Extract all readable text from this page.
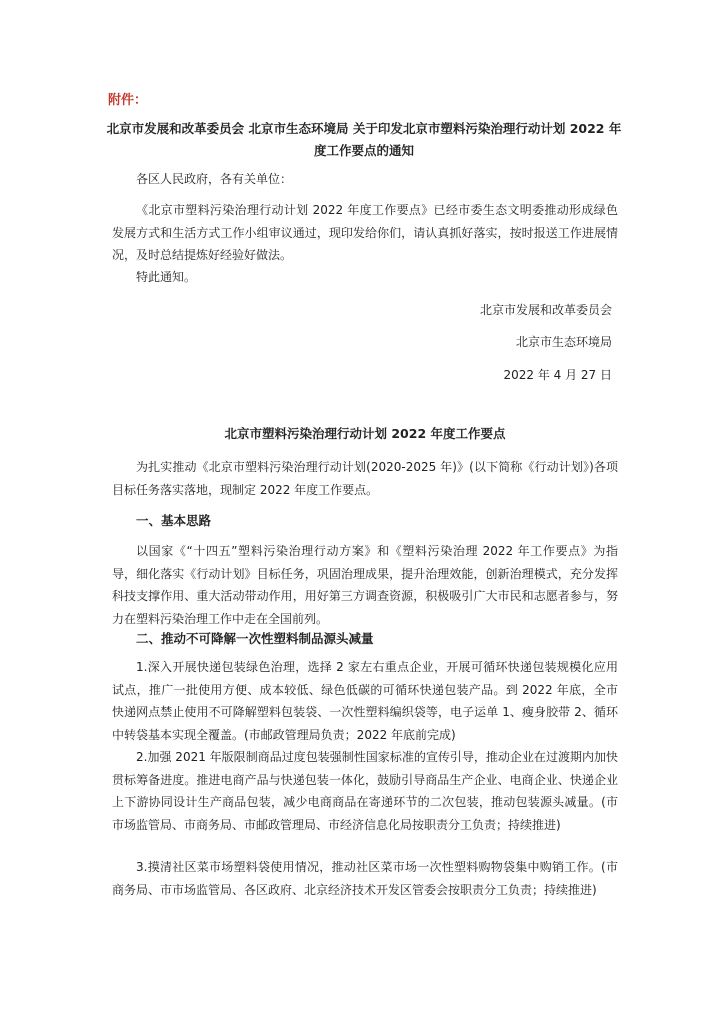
附件：
北京市发展和改革委员会 北京市生态环境局 关于印发北京市塑料污染治理行动计划 2022 年度工作要点的通知
各区人民政府，各有关单位：
《北京市塑料污染治理行动计划 2022 年度工作要点》已经市委生态文明委推动形成绿色发展方式和生活方式工作小组审议通过，现印发给你们，请认真抓好落实，按时报送工作进展情况，及时总结提炼好经验好做法。
特此通知。
北京市发展和改革委员会
北京市生态环境局
2022 年 4 月 27 日
北京市塑料污染治理行动计划 2022 年度工作要点
为扎实推动《北京市塑料污染治理行动计划(2020-2025 年)》(以下简称《行动计划》)各项目标任务落实落地，现制定 2022 年度工作要点。
一、基本思路
以国家《“十四五”塑料污染治理行动方案》和《塑料污染治理 2022 年工作要点》为指导，细化落实《行动计划》目标任务，巩固治理成果，提升治理效能，创新治理模式，充分发挥科技支撑作用、重大活动带动作用，用好第三方调查资源，积极吸引广大市民和志愿者参与，努力在塑料污染治理工作中走在全国前列。
二、推动不可降解一次性塑料制品源头减量
1.深入开展快递包装绿色治理，选择 2 家左右重点企业，开展可循环快递包装规模化应用试点，推广一批使用方便、成本较低、绿色低碳的可循环快递包装产品。到 2022 年底，全市快递网点禁止使用不可降解塑料包装袋、一次性塑料编织袋等，电子运单 1、瘦身胶带 2、循环中转袋基本实现全覆盖。(市邮政管理局负责；2022 年底前完成)
2.加强 2021 年版限制商品过度包装强制性国家标准的宣传引导，推动企业在过渡期内加快贯标筹备进度。推进电商产品与快递包装一体化，鼓励引导商品生产企业、电商企业、快递企业上下游协同设计生产商品包装，减少电商商品在寄递环节的二次包装，推动包装源头减量。(市市场监管局、市商务局、市邮政管理局、市经济信息化局按职责分工负责；持续推进)
3.摸清社区菜市场塑料袋使用情况，推动社区菜市场一次性塑料购物袋集中购销工作。(市商务局、市市场监管局、各区政府、北京经济技术开发区管委会按职责分工负责；持续推进)
